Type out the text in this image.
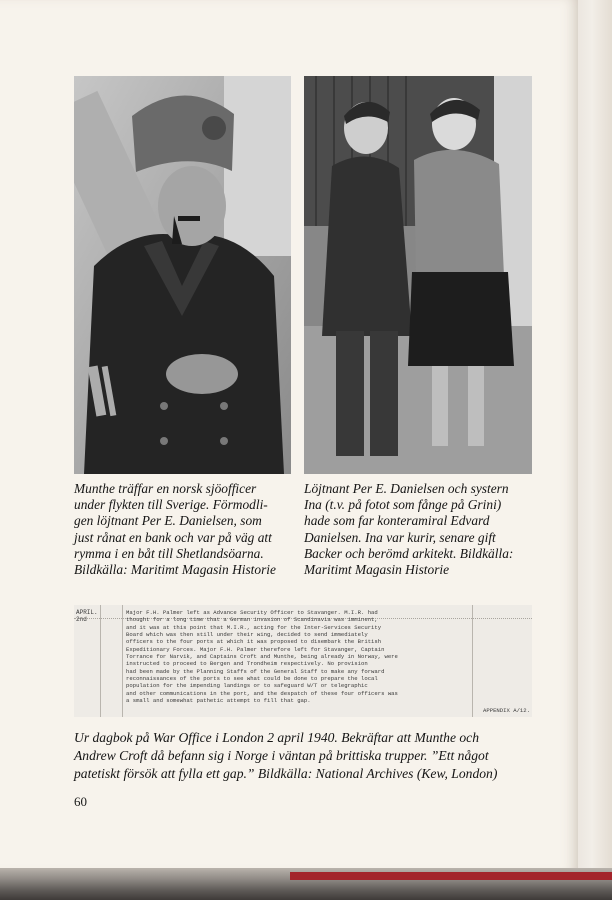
Munthe träffar en norsk sjöofficer
under flykten till Sverige. Förmodli-
gen löjtnant Per E. Danielsen, som
just rånat en bank och var på väg att
rymma i en båt till Shetlandsöarna.
Bildkälla: Maritimt Magasin Historie

Löjtnant Per E. Danielsen och systern
Ina (t.v. på fotot som fånge på Grini)
hade som far konteramiral Edvard
Danielsen. Ina var kurir, senare gift
Backer och berömd arkitekt. Bildkälla:
Maritimt Magasin Historie

APRIL.
2nd
Major F.H. Palmer left as Advance Security Officer to Stavanger. M.I.R. had
thought for a long time that a German invasion of Scandinavia was imminent,
and it was at this point that M.I.R., acting for the Inter-Services Security
Board which was then still under their wing, decided to send immediately
officers to the four ports at which it was proposed to disembark the British
Expeditionary Forces. Major F.H. Palmer therefore left for Stavanger, Captain
Torrance for Narvik, and Captains Croft and Munthe, being already in Norway, were
instructed to proceed to Bergen and Trondheim respectively. No provision
had been made by the Planning Staffs of the General Staff to make any forward
reconnaissances of the ports to see what could be done to prepare the local
population for the impending landings or to safeguard W/T or telegraphic
and other communications in the port, and the despatch of these four officers was
a small and somewhat pathetic attempt to fill that gap.
APPENDIX A/12.

Ur dagbok på War Office i London 2 april 1940. Bekräftar att Munthe och
Andrew Croft då befann sig i Norge i väntan på brittiska trupper. ”Ett något
patetiskt försök att fylla ett gap.” Bildkälla: National Archives (Kew, London)

60
